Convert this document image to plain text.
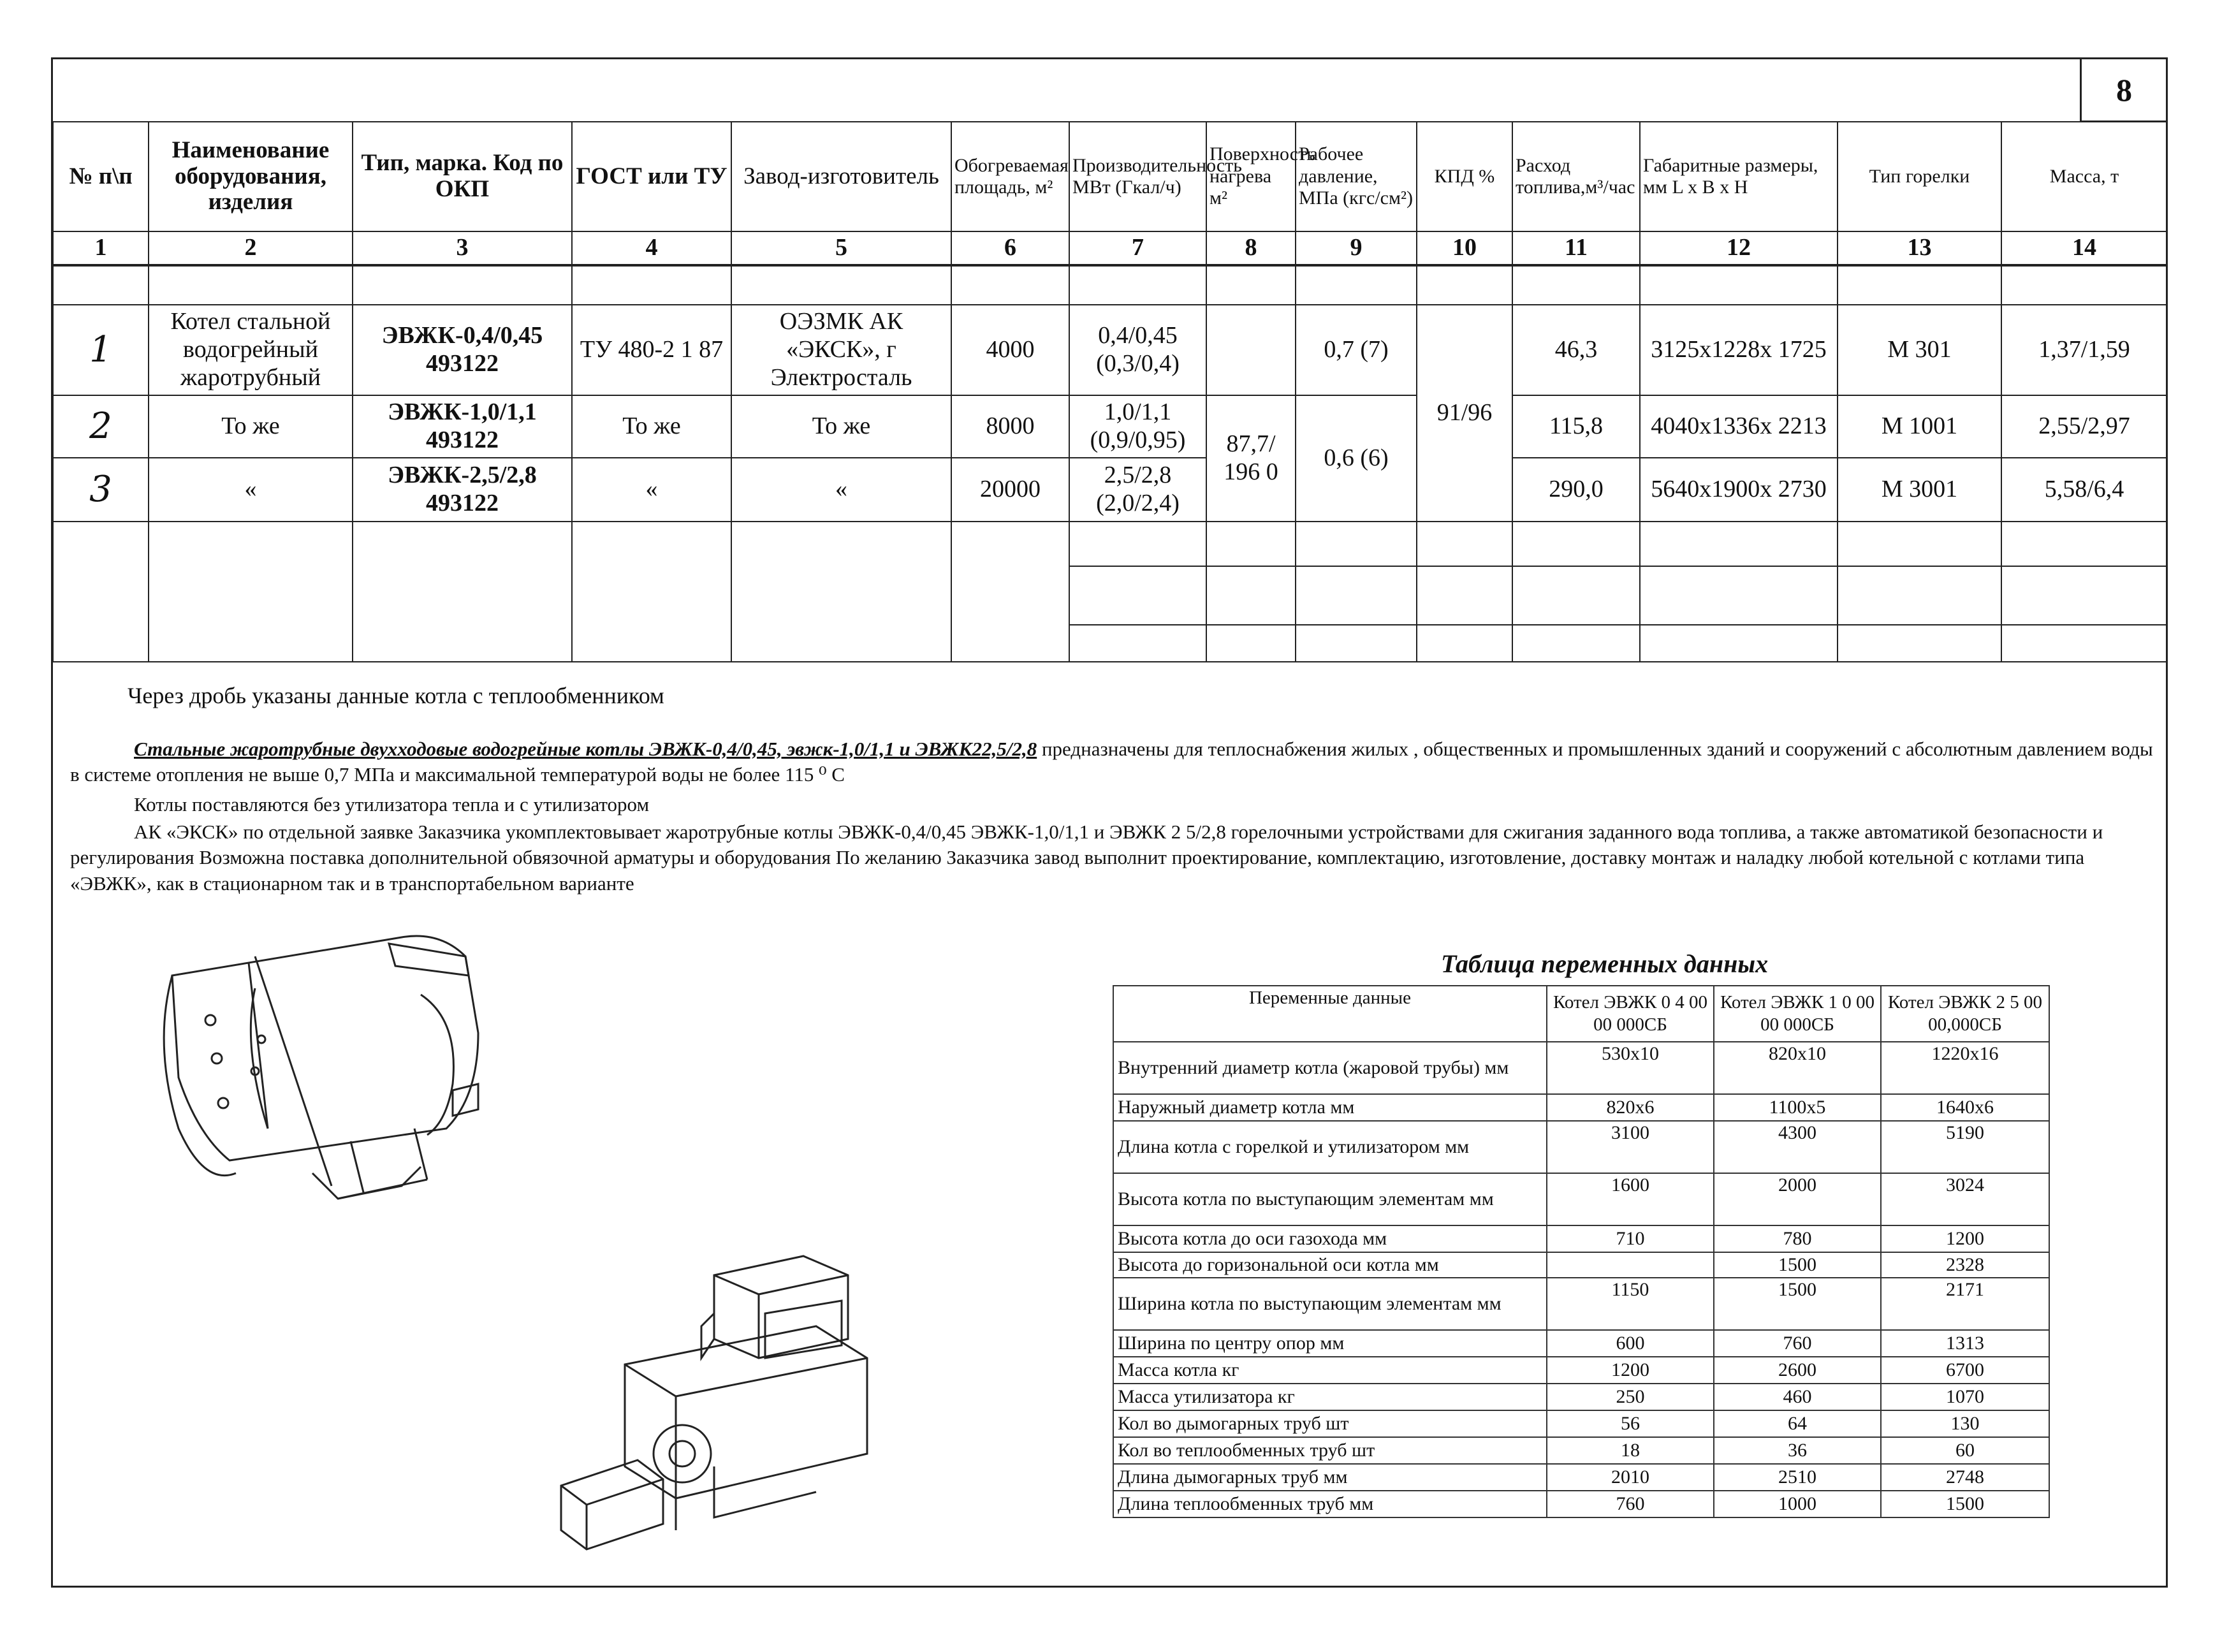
8
№ п\п	Наименование оборудования, изделия	Тип, марка. Код по ОКП	ГОСТ или ТУ	Завод-изготовитель	Обогреваемая площадь, м²	Производительность МВт (Гкал/ч)	Поверхность нагрева м²	Рабочее давление, МПа (кгс/см²)	КПД %	Расход топлива,м³/час	Габаритные размеры, мм L х B х H	Тип горелки	Масса, т
1	2	3	4	5	6	7	8	9	10	11	12	13	14

1	Котел стальной водогрейный жаротрубный	ЭВЖК-0,4/0,45 493122	ТУ 480-2 1 87	ОЭЗМК АК «ЭКСК», г Электросталь	4000	0,4/0,45 (0,3/0,4)		0,7 (7)	91/96	46,3	3125х1228х 1725	М 301	1,37/1,59
2	То же	ЭВЖК-1,0/1,1 493122	То же	То же	8000	1,0/1,1 (0,9/0,95)	87,7/ 196 0	0,6 (6)		115,8	4040х1336х 2213	М 1001	2,55/2,97
3	«	ЭВЖК-2,5/2,8 493122	«	«	20000	2,5/2,8 (2,0/2,4)				290,0	5640х1900х 2730	М 3001	5,58/6,4

Через дробь указаны данные котла с теплообменником
Стальные жаротрубные двухходовые водогрейные котлы ЭВЖК-0,4/0,45, эвжк-1,0/1,1 и ЭВЖК22,5/2,8 предназначены для теплоснабжения жилых , общественных и промышленных зданий и сооружений с абсолютным давлением воды в системе отопления не выше 0,7 МПа и максимальной температурой воды не более 115 ⁰ С
Котлы поставляются без утилизатора тепла и с утилизатором
АК «ЭКСК» по отдельной заявке Заказчика укомплектовывает жаротрубные котлы ЭВЖК-0,4/0,45 ЭВЖК-1,0/1,1 и ЭВЖК 2 5/2,8 горелочными устройствами для сжигания заданного вода топлива, а также автоматикой безопасности и регулирования Возможна поставка дополнительной обвязочной арматуры и оборудования По желанию Заказчика завод выполнит проектирование, комплектацию, изготовление, доставку монтаж и наладку любой котельной с котлами типа «ЭВЖК», как в стационарном так и в транспортабельном варианте
Таблица переменных данных
Переменные данные	Котел ЭВЖК 0 4 00 00 000СБ	Котел ЭВЖК 1 0 00 00 000СБ	Котел ЭВЖК 2 5 00 00,000СБ
Внутренний диаметр котла (жаровой трубы) мм	530х10	820х10	1220х16
Наружный диаметр котла мм	820х6	1100х5	1640х6
Длина котла с горелкой и утилизатором мм	3100	4300	5190
Высота котла по выступающим элементам мм	1600	2000	3024
Высота котла до оси газохода мм	710	780	1200
Высота до горизональной оси котла мм		1500	2328
Ширина котла по выступающим элементам мм	1150	1500	2171
Ширина по центру опор мм	600	760	1313
Масса котла кг	1200	2600	6700
Масса утилизатора кг	250	460	1070
Кол во дымогарных труб шт	56	64	130
Кол во теплообменных труб шт	18	36	60
Длина дымогарных труб мм	2010	2510	2748
Длина теплообменных труб мм	760	1000	1500
